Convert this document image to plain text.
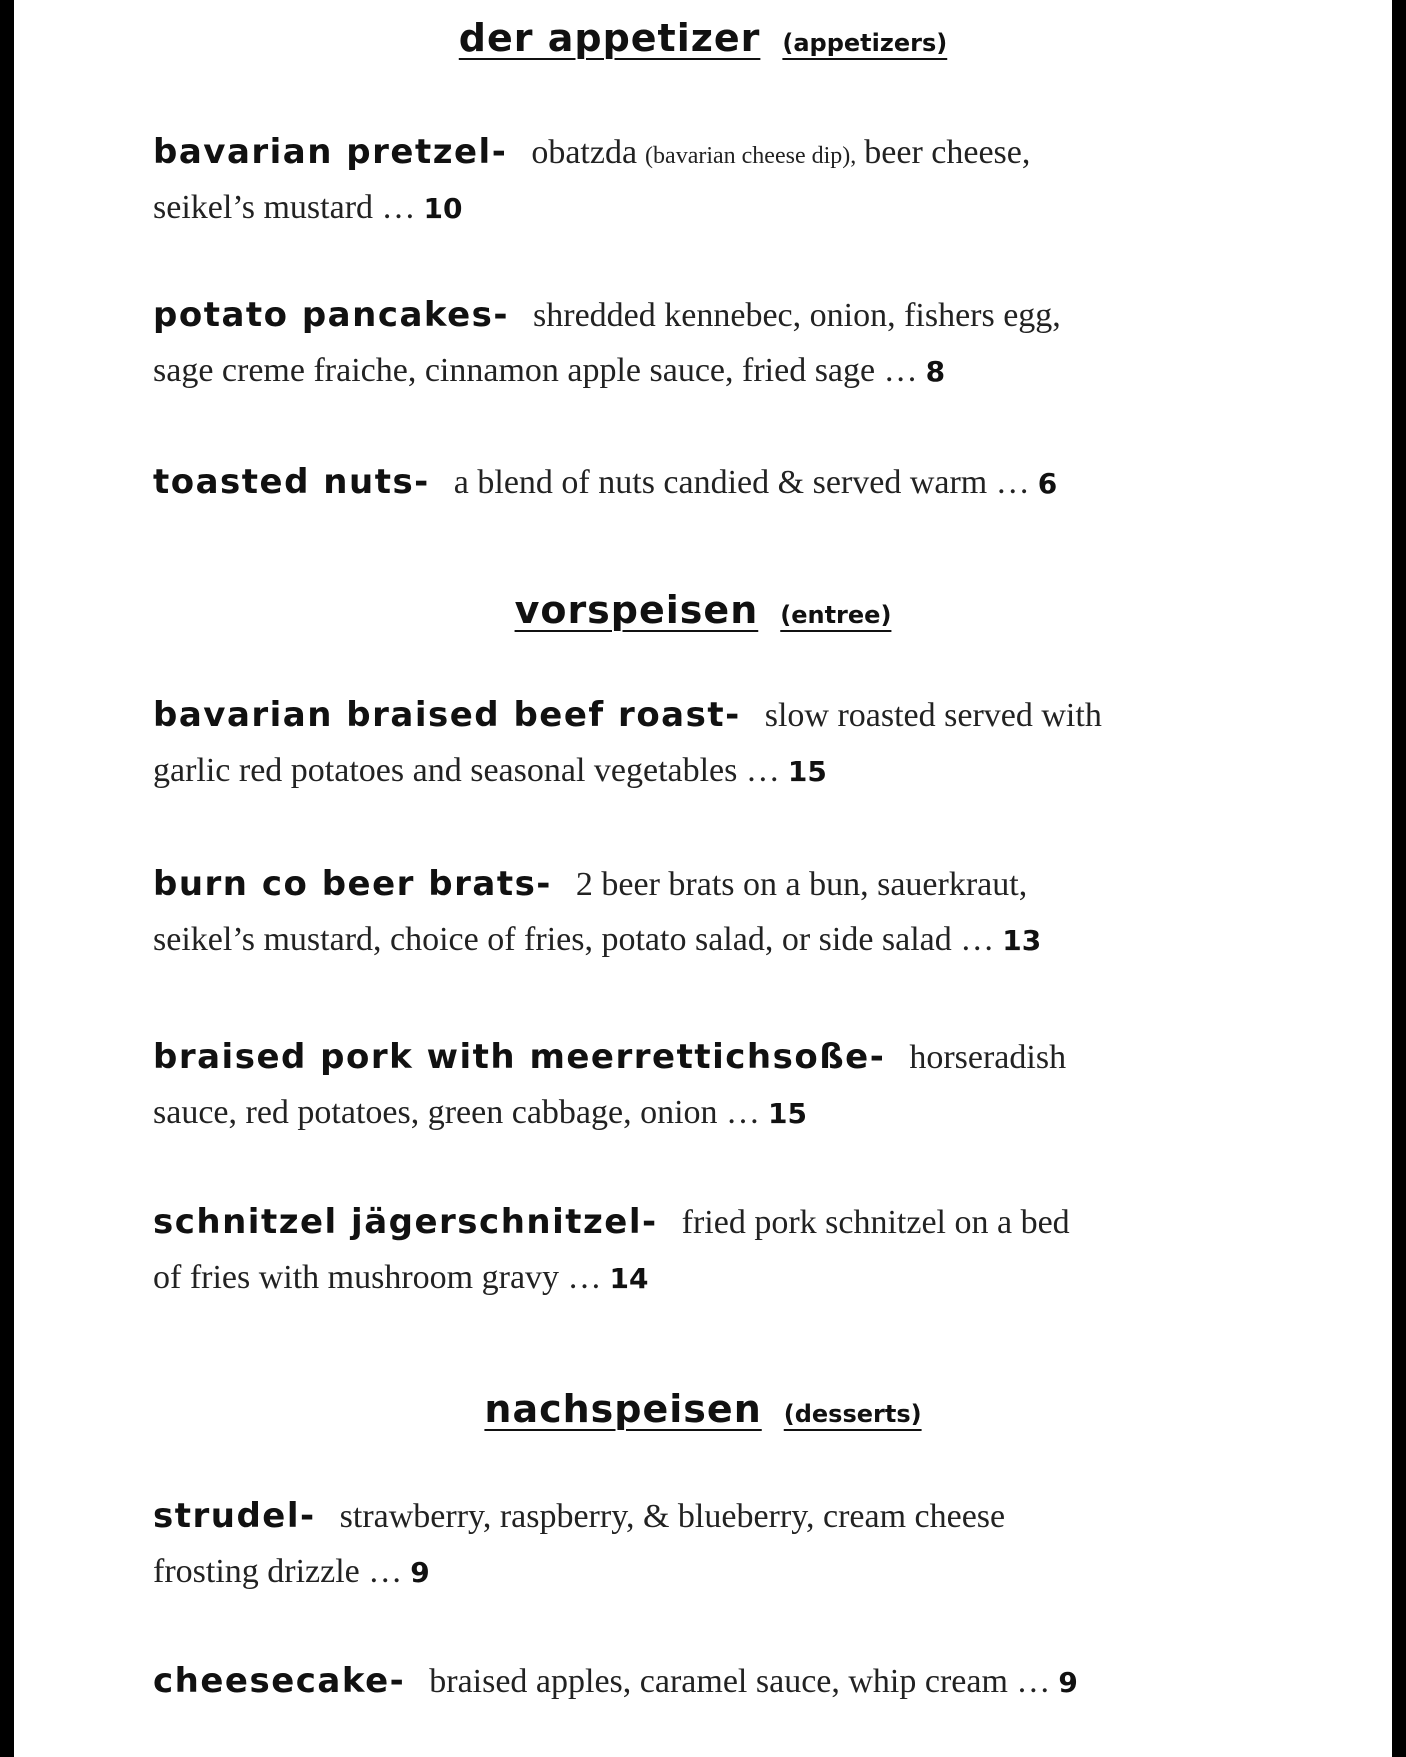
der appetizer (appetizers)
bavarian pretzel- obatzda (bavarian cheese dip), beer cheese,
seikel’s mustard … 10
potato pancakes- shredded kennebec, onion, fishers egg,
sage creme fraiche, cinnamon apple sauce, fried sage … 8
toasted nuts- a blend of nuts candied & served warm … 6
vorspeisen (entree)
bavarian braised beef roast- slow roasted served with
garlic red potatoes and seasonal vegetables … 15
burn co beer brats- 2 beer brats on a bun, sauerkraut,
seikel’s mustard, choice of fries, potato salad, or side salad … 13
braised pork with meerrettichsoße- horseradish
sauce, red potatoes, green cabbage, onion … 15
schnitzel jägerschnitzel- fried pork schnitzel on a bed
of fries with mushroom gravy … 14
nachspeisen (desserts)
strudel- strawberry, raspberry, & blueberry, cream cheese
frosting drizzle … 9
cheesecake- braised apples, caramel sauce, whip cream … 9
